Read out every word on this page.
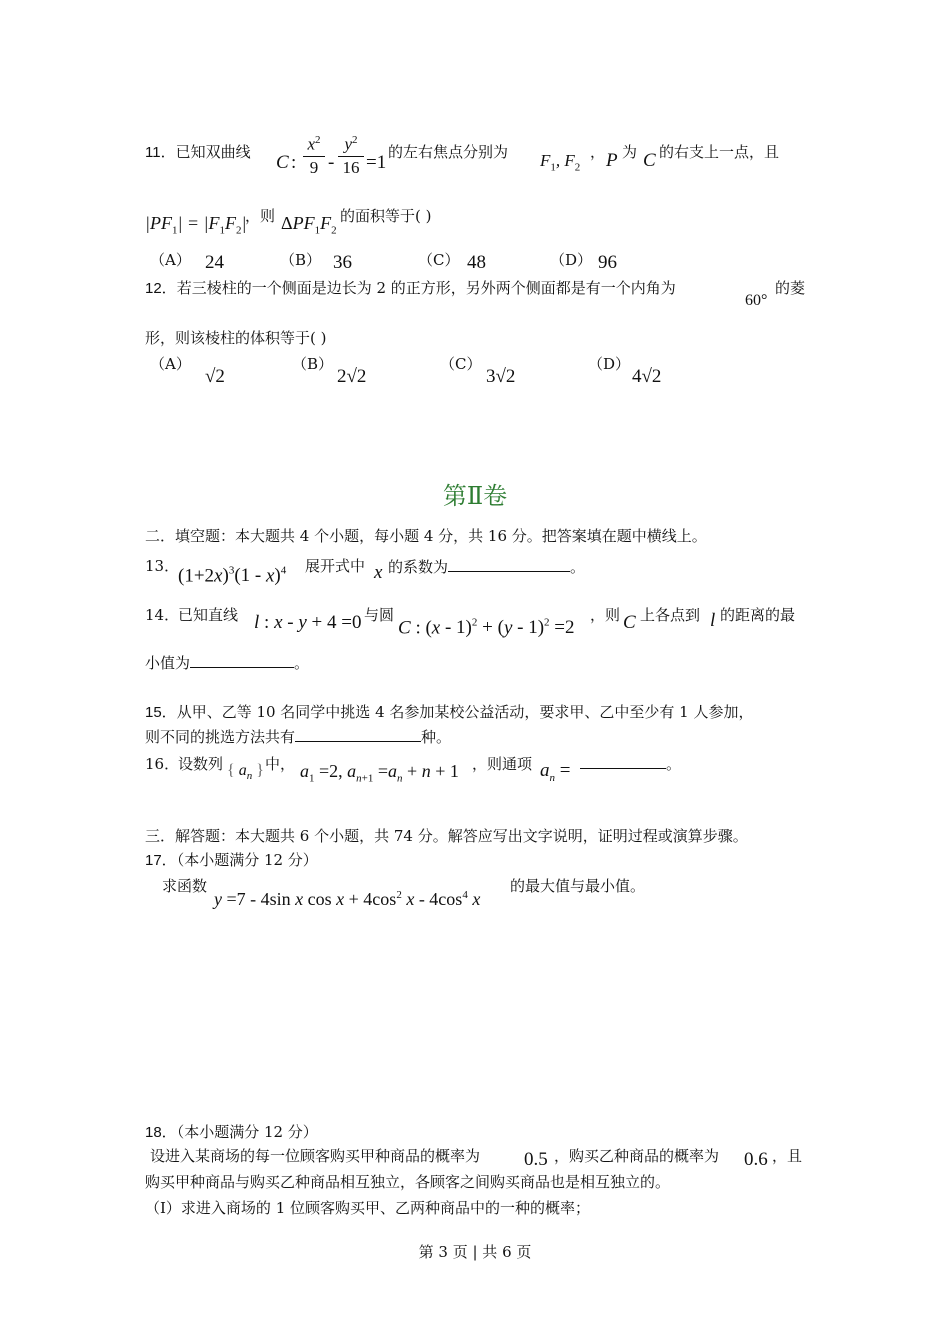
11．已知双曲线 C :
$x^2$
9 -
$y^2$
16 =1 的左右焦点分别为 $F_1$, $F_2$
， P 为 C 的右支上一点，且
$|PF_1| = |F_1F_2|$
，则 $\Delta PF_1F_2$
的面积等于( )
（A） 24	（B） 36	（C） 48	（D） 96
12．若三棱柱的一个侧面是边长为 2 的正方形，另外两个侧面都是有一个内角为
60°
的菱
形，则该棱柱的体积等于( )
（A）
√2
（B）
2√2
（C）
3√2
（D）
4√2
第Ⅱ卷
二．填空题：本大题共 4 个小题，每小题 4 分，共 16 分。把答案填在题中横线上。
13．
$(1+2x)^3(1 - x)^4$ 展开式中 x 的系数为	。
14．
已知直线 l : x - y + 4 =0 与圆
C : (x - 1)$^2$ + (y - 1)$^2$ =2
，则 C 上各点到 l 的距离的最
小值为	。
15．从甲、乙等 10 名同学中挑选 4 名参加某校公益活动，要求甲、乙中至少有 1 人参加，
则不同的挑选方法共有	种。
16．
设数列 { $a_n$ } 中， $a_1 =2$, $a_{n+1} =a_n + n + 1$ ，则通项 $a_n$ =	。
三．解答题：本大题共 6 个小题，共 74 分。解答应写出文字说明，证明过程或演算步骤。
17．（本小题满分 12 分）
求函数
y =7 - 4sin x $\cos x + 4\cos^2$ x - $4\cos^4$ x
的最大值与最小值。
18．（本小题满分 12 分）
设进入某商场的每一位顾客购买甲种商品的概率为 0.5 ，购买乙种商品的概率为 0.6 ，且
购买甲种商品与购买乙种商品相互独立，各顾客之间购买商品也是相互独立的。
（Ⅰ）求进入商场的 1 位顾客购买甲、乙两种商品中的一种的概率；
第 3 页 | 共 6 页
